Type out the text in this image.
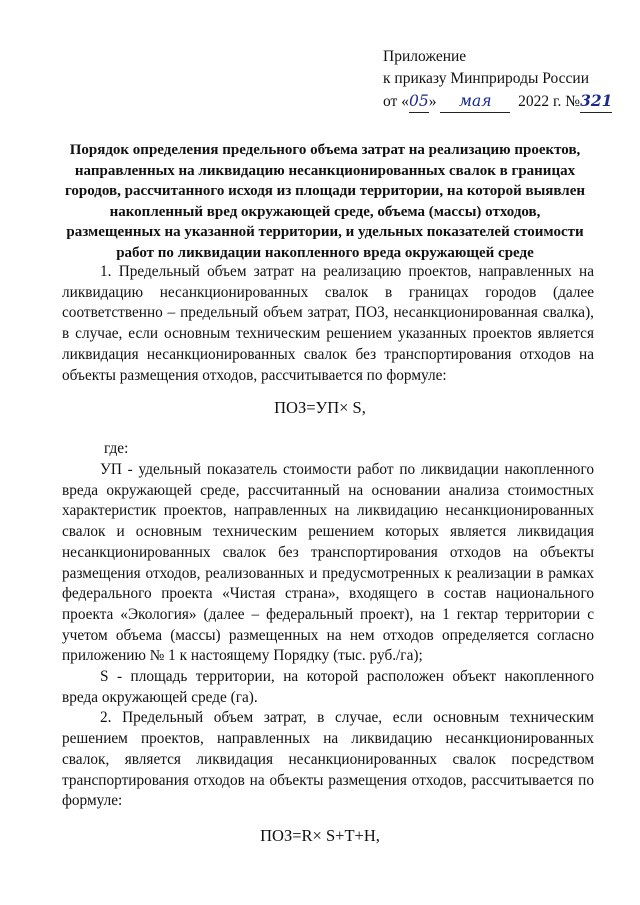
Приложение
к приказу Минприроды России
от «05» мая 2022 г. №321
Порядок определения предельного объема затрат на реализацию проектов,
направленных на ликвидацию несанкционированных свалок в границах
городов, рассчитанного исходя из площади территории, на которой выявлен
накопленный вред окружающей среде, объема (массы) отходов,
размещенных на указанной территории, и удельных показателей стоимости
работ по ликвидации накопленного вреда окружающей среде

1. Предельный объем затрат на реализацию проектов, направленных на ликвидацию несанкционированных свалок в границах городов (далее соответственно – предельный объем затрат, ПОЗ, несанкционированная свалка), в случае, если основным техническим решением указанных проектов является ликвидация несанкционированных свалок без транспортирования отходов на объекты размещения отходов, рассчитывается по формуле:

ПОЗ=УП× S,
где:

УП - удельный показатель стоимости работ по ликвидации накопленного вреда окружающей среде, рассчитанный на основании анализа стоимостных характеристик проектов, направленных на ликвидацию несанкционированных свалок и основным техническим решением которых является ликвидация несанкционированных свалок без транспортирования отходов на объекты размещения отходов, реализованных и предусмотренных к реализации в рамках федерального проекта «Чистая страна», входящего в состав национального проекта «Экология» (далее – федеральный проект), на 1 гектар территории с учетом объема (массы) размещенных на нем отходов определяется согласно приложению № 1 к настоящему Порядку (тыс. руб./га);

S - площадь территории, на которой расположен объект накопленного вреда окружающей среде (га).

2. Предельный объем затрат, в случае, если основным техническим решением проектов, направленных на ликвидацию несанкционированных свалок, является ликвидация несанкционированных свалок посредством транспортирования отходов на объекты размещения отходов, рассчитывается по формуле:

ПОЗ=R× S+T+H,
